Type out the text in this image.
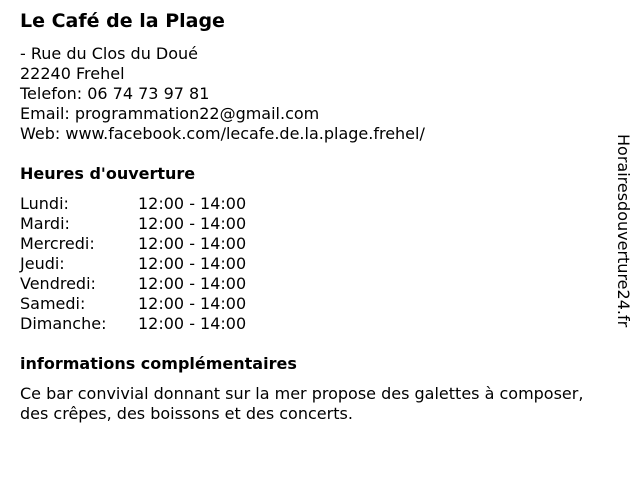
Le Café de la Plage
- Rue du Clos du Doué
22240 Frehel
Telefon: 06 74 73 97 81
Email: programmation22@gmail.com
Web: www.facebook.com/lecafe.de.la.plage.frehel/
Heures d'ouverture
Lundi:	12:00 - 14:00
Mardi:	12:00 - 14:00
Mercredi:	12:00 - 14:00
Jeudi:	12:00 - 14:00
Vendredi:	12:00 - 14:00
Samedi:	12:00 - 14:00
Dimanche: 12:00 - 14:00
informations complémentaires
Ce bar convivial donnant sur la mer propose des galettes à composer,
des crêpes, des boissons et des concerts.
Horairesdouverture24.fr
